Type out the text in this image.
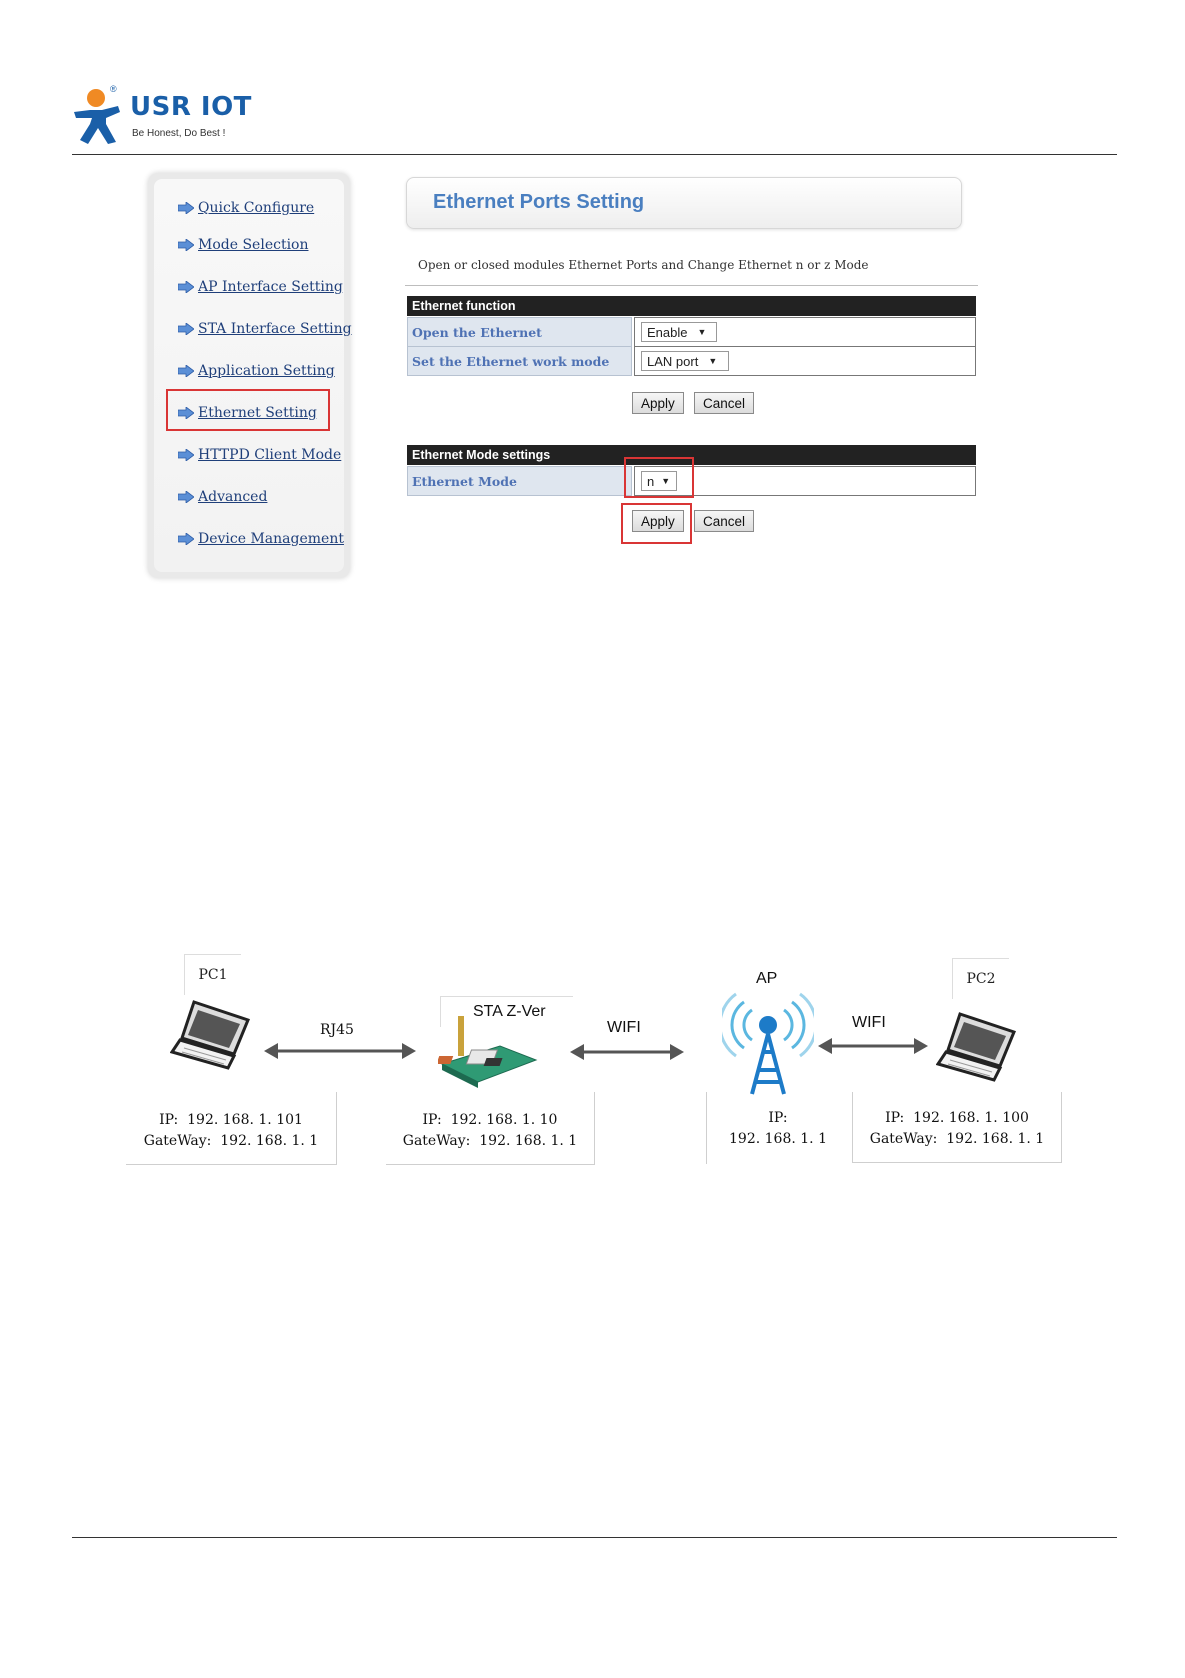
®
USR IOT
Be Honest, Do Best !
Quick Configure
Mode Selection
AP Interface Setting
STA Interface Setting
Application Setting
Ethernet Setting
HTTPD Client Mode
Advanced
Device Management
Ethernet Ports Setting
Open or closed modules Ethernet Ports and Change Ethernet n or z Mode
Ethernet function
Open the Ethernet	Enable ▼
Set the Ethernet work mode	LAN port ▼
Apply	Cancel
Ethernet Mode settings
Ethernet Mode	n ▼
Apply	Cancel
PC1
IP:  192. 168. 1. 101
GateWay:  192. 168. 1. 1
RJ45
STA Z-Ver
IP:  192. 168. 1. 10
GateWay:  192. 168. 1. 1
WIFI
AP
IP:
192. 168. 1. 1
WIFI
PC2
IP:  192. 168. 1. 100
GateWay:  192. 168. 1. 1
